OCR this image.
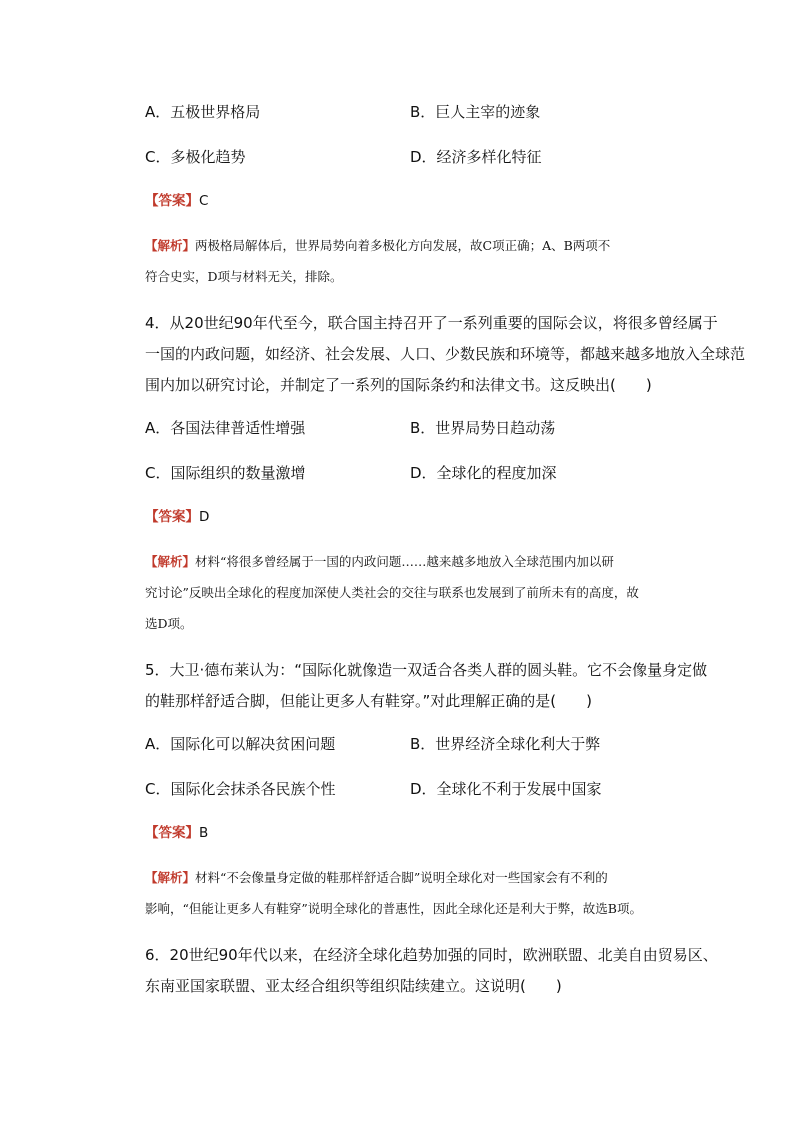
A．五极世界格局	B．巨人主宰的迹象
C．多极化趋势	D．经济多样化特征
【答案】C
【解析】两极格局解体后，世界局势向着多极化方向发展，故C项正确；A、B两项不
符合史实，D项与材料无关，排除。
4．从20世纪90年代至今，联合国主持召开了一系列重要的国际会议，将很多曾经属于
一国的内政问题，如经济、社会发展、人口、少数民族和环境等，都越来越多地放入全球范
围内加以研究讨论，并制定了一系列的国际条约和法律文书。这反映出(　　)
A．各国法律普适性增强	B．世界局势日趋动荡
C．国际组织的数量激增	D．全球化的程度加深
【答案】D
【解析】材料“将很多曾经属于一国的内政问题……越来越多地放入全球范围内加以研
究讨论”反映出全球化的程度加深使人类社会的交往与联系也发展到了前所未有的高度，故
选D项。
5．大卫·德布莱认为：“国际化就像造一双适合各类人群的圆头鞋。它不会像量身定做
的鞋那样舒适合脚，但能让更多人有鞋穿。”对此理解正确的是(　　)
A．国际化可以解决贫困问题	B．世界经济全球化利大于弊
C．国际化会抹杀各民族个性	D．全球化不利于发展中国家
【答案】B
【解析】材料“不会像量身定做的鞋那样舒适合脚”说明全球化对一些国家会有不利的
影响，“但能让更多人有鞋穿”说明全球化的普惠性，因此全球化还是利大于弊，故选B项。
6．20世纪90年代以来，在经济全球化趋势加强的同时，欧洲联盟、北美自由贸易区、
东南亚国家联盟、亚太经合组织等组织陆续建立。这说明(　　)
